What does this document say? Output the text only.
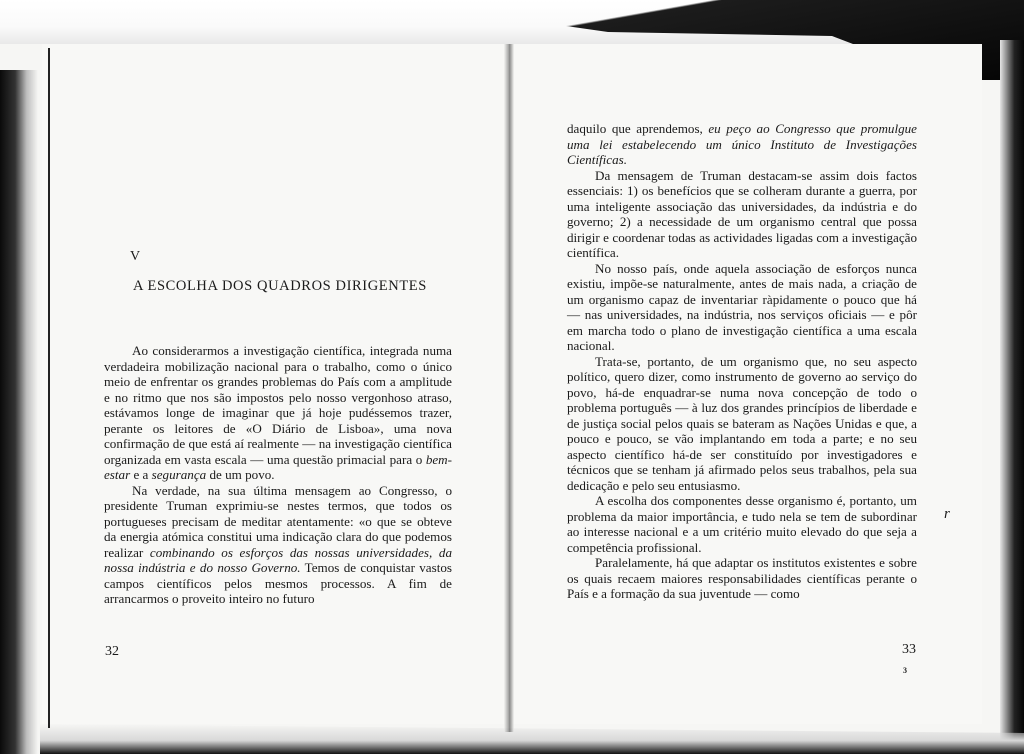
V
A ESCOLHA DOS QUADROS DIRIGENTES

Ao considerarmos a investigação científica, integrada numa verdadeira mobilização nacional para o trabalho, como o único meio de enfrentar os grandes problemas do País com a amplitude e no ritmo que nos são impostos pelo nosso vergonhoso atraso, estávamos longe de imaginar que já hoje pudéssemos trazer, perante os leitores de «O Diário de Lisboa», uma nova confirmação de que está aí realmente — na investigação científica organizada em vasta escala — uma questão primacial para o bem-estar e a segurança de um povo.

Na verdade, na sua última mensagem ao Congresso, o presidente Truman exprimiu-se nestes termos, que todos os portugueses precisam de meditar atentamente: «o que se obteve da energia atómica constitui uma indicação clara do que podemos realizar combinando os esforços das nossas universidades, da nossa indústria e do nosso Governo. Temos de conquistar vastos campos científicos pelos mesmos processos. A fim de arrancarmos o proveito inteiro no futuro

32

daquilo que aprendemos, eu peço ao Congresso que promulgue uma lei estabelecendo um único Instituto de Investigações Científicas.

Da mensagem de Truman destacam-se assim dois factos essenciais: 1) os benefícios que se colheram durante a guerra, por uma inteligente associação das universidades, da indústria e do governo; 2) a necessidade de um organismo central que possa dirigir e coordenar todas as actividades ligadas com a investigação científica.

No nosso país, onde aquela associação de esforços nunca existiu, impõe-se naturalmente, antes de mais nada, a criação de um organismo capaz de inventariar ràpidamente o pouco que há — nas universidades, na indústria, nos serviços oficiais — e pôr em marcha todo o plano de investigação científica a uma escala nacional.

Trata-se, portanto, de um organismo que, no seu aspecto político, quero dizer, como instrumento de governo ao serviço do povo, há-de enquadrar-se numa nova concepção de todo o problema português — à luz dos grandes princípios de liberdade e de justiça social pelos quais se bateram as Nações Unidas e que, a pouco e pouco, se vão implantando em toda a parte; e no seu aspecto científico há-de ser constituído por investigadores e técnicos que se tenham já afirmado pelos seus trabalhos, pela sua dedicação e pelo seu entusiasmo.

A escolha dos componentes desse organismo é, portanto, um problema da maior importância, e tudo nela se tem de subordinar ao interesse nacional e a um critério muito elevado do que seja a competência profissional.

Paralelamente, há que adaptar os institutos existentes e sobre os quais recaem maiores responsabilidades científicas perante o País e a formação da sua juventude — como

r
33
3
